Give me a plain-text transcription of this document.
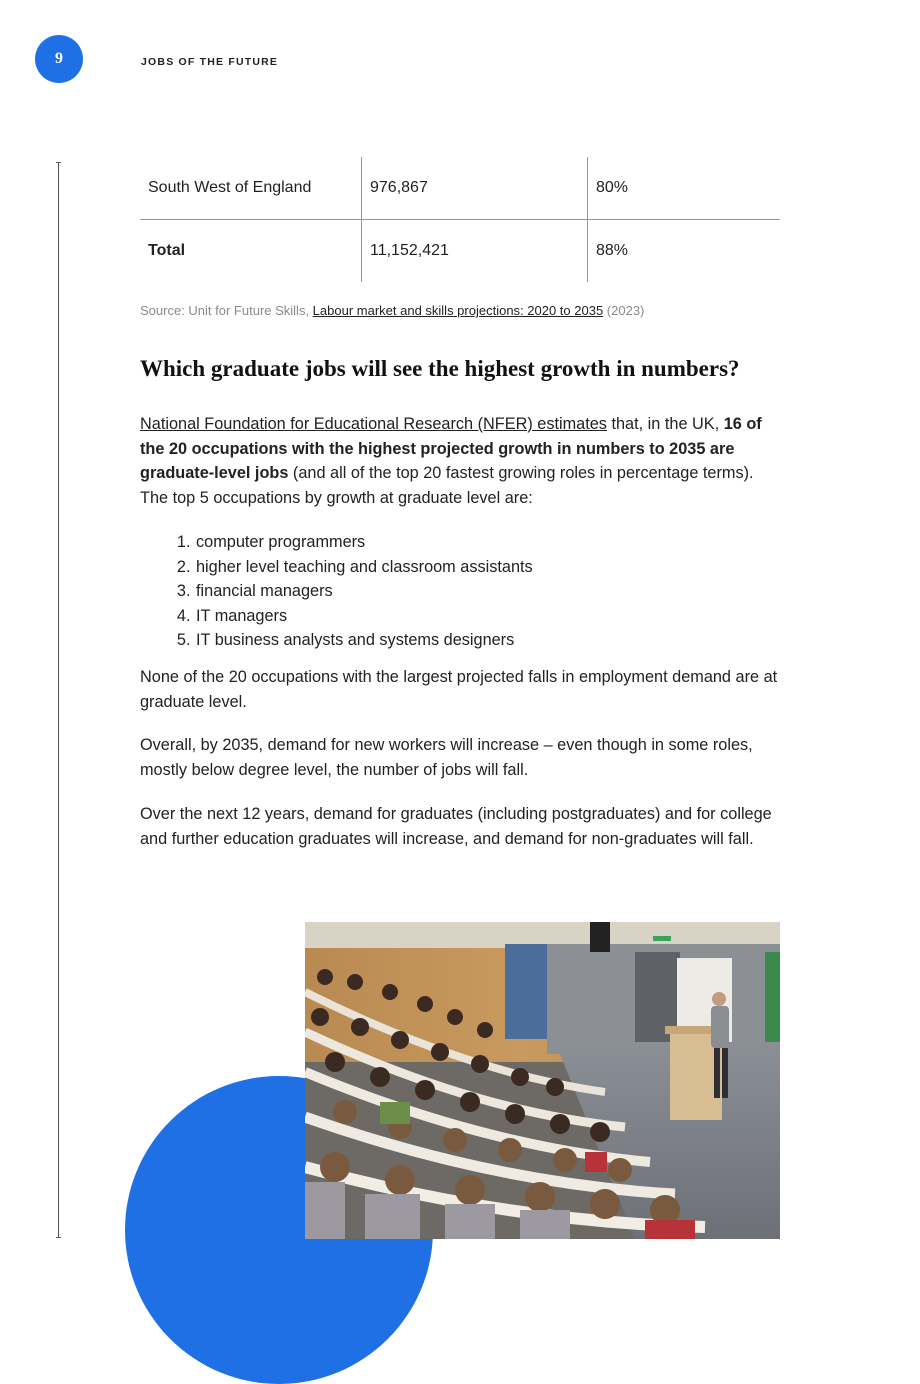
9	JOBS OF THE FUTURE
South West of England	976,867	80%
Total	11,152,421	88%
Source: Unit for Future Skills, Labour market and skills projections: 2020 to 2035 (2023)
Which graduate jobs will see the highest growth in numbers?

National Foundation for Educational Research (NFER) estimates that, in the UK, 16 of the 20 occupations with the highest projected growth in numbers to 2035 are graduate-level jobs (and all of the top 20 fastest growing roles in percentage terms). The top 5 occupations by growth at graduate level are:

1. computer programmers
2. higher level teaching and classroom assistants
3. financial managers
4. IT managers
5. IT business analysts and systems designers

None of the 20 occupations with the largest projected falls in employment demand are at graduate level.

Overall, by 2035, demand for new workers will increase – even though in some roles, mostly below degree level, the number of jobs will fall.

Over the next 12 years, demand for graduates (including postgraduates) and for college and further education graduates will increase, and demand for non-graduates will fall.
